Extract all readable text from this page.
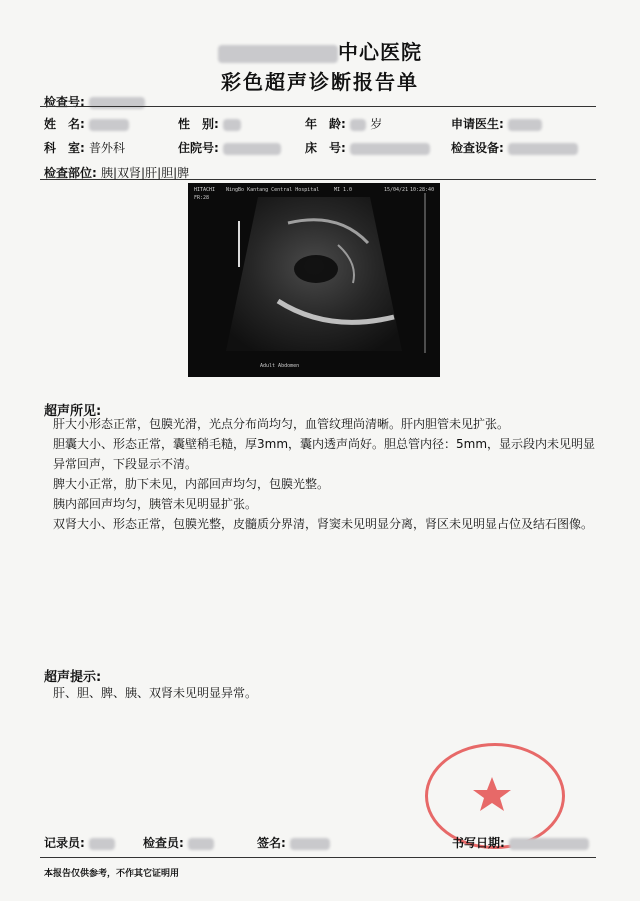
中心医院
彩色超声诊断报告单
检查号:
姓　名:	性　别:	年　龄: 岁	申请医生:
科　室: 普外科	住院号:	床　号:	检查设备:
检查部位: 胰|双肾|肝|胆|脾
HITACHI NingBo Kantang Central Hospital	MI 1.0	15/04/21 10:28:40
FR:28
Adult Abdomen
超声所见:
肝大小形态正常，包膜光滑，光点分布尚均匀，血管纹理尚清晰。肝内胆管未见扩张。
胆囊大小、形态正常，囊壁稍毛糙，厚3mm，囊内透声尚好。胆总管内径：5mm，显示段内未见明显异常回声，下段显示不清。
脾大小正常，肋下未见，内部回声均匀，包膜光整。
胰内部回声均匀，胰管未见明显扩张。
双肾大小、形态正常，包膜光整，皮髓质分界清，肾窦未见明显分离，肾区未见明显占位及结石图像。
超声提示:
肝、胆、脾、胰、双肾未见明显异常。
记录员:	检查员:	签名:	书写日期:
本报告仅供参考，不作其它证明用
